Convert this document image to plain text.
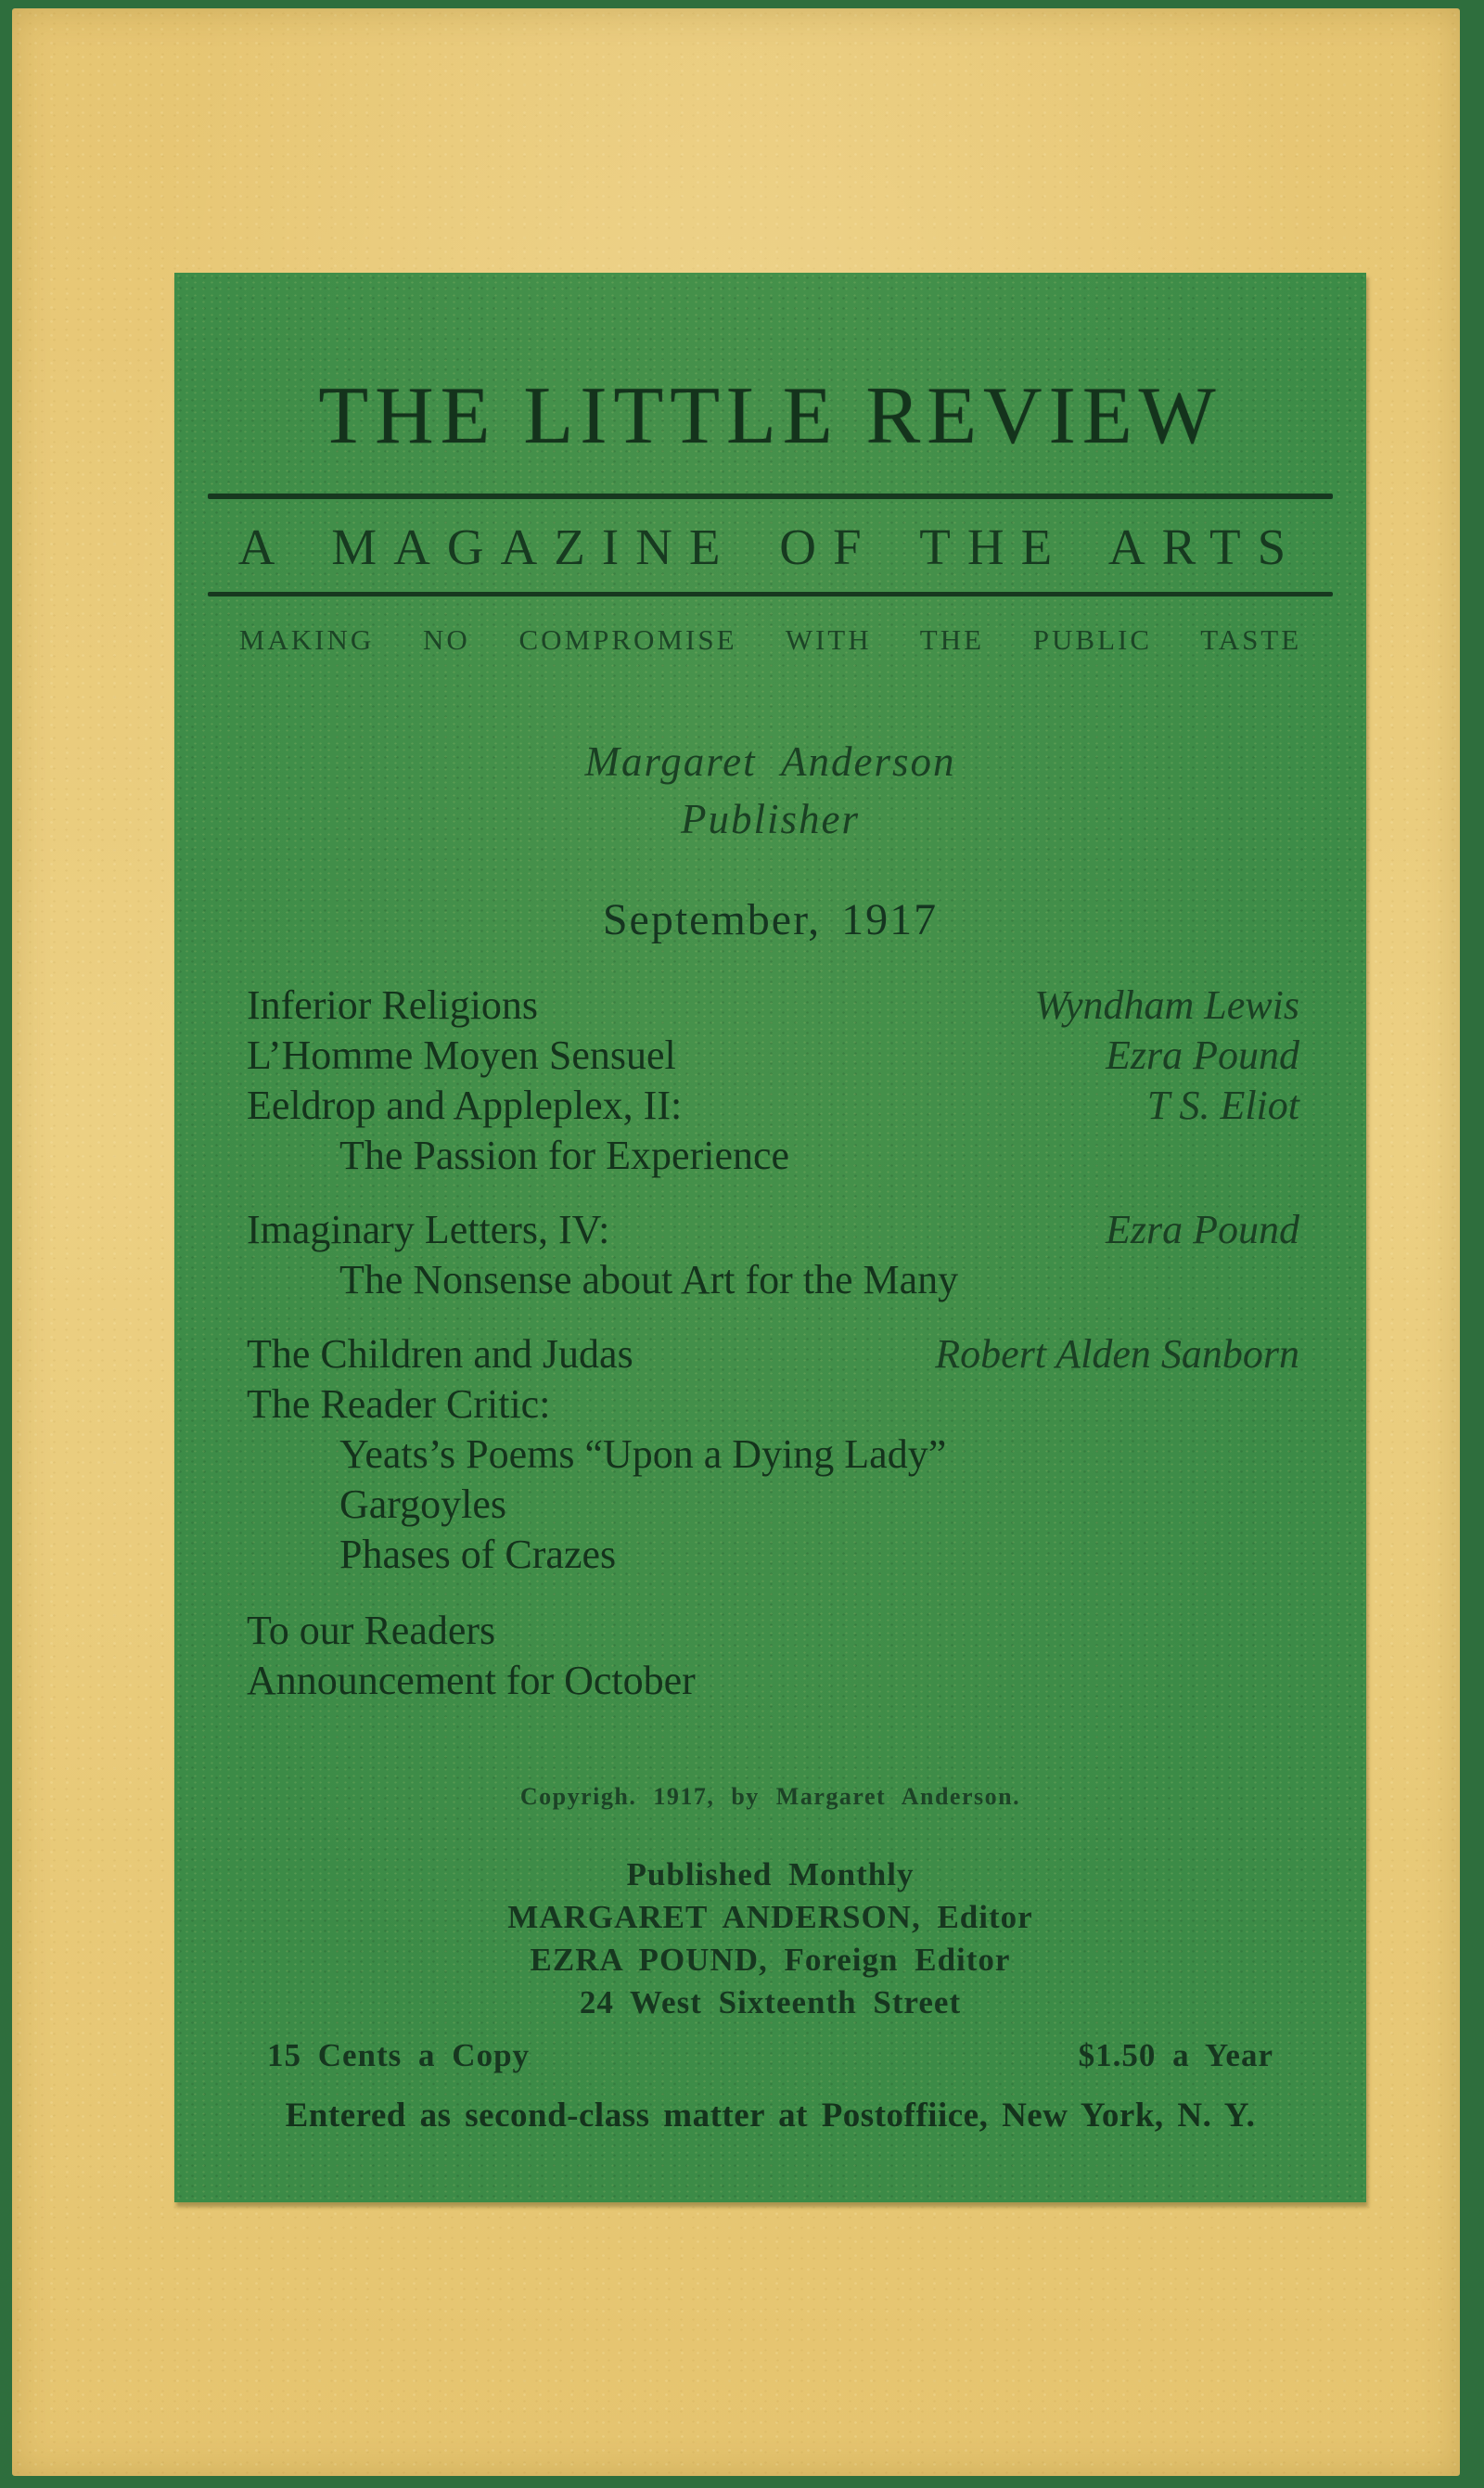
THE LITTLE REVIEW
A MAGAZINE OF THE ARTS
MAKING NO COMPROMISE WITH THE PUBLIC TASTE
Margaret Anderson
Publisher
September, 1917
Inferior Religions	Wyndham Lewis
L’Homme Moyen Sensuel	Ezra Pound
Eeldrop and Appleplex, II:	T S. Eliot
The Passion for Experience
Imaginary Letters, IV:	Ezra Pound
The Nonsense about Art for the Many
The Children and Judas	Robert Alden Sanborn
The Reader Critic:
Yeats’s Poems “Upon a Dying Lady”
Gargoyles
Phases of Crazes
To our Readers
Announcement for October
Copyrigh. 1917, by Margaret Anderson.
Published Monthly
MARGARET ANDERSON, Editor
EZRA POUND, Foreign Editor
24 West Sixteenth Street
15 Cents a Copy	$1.50 a Year
Entered as second-class matter at Postoffiice, New York, N. Y.
